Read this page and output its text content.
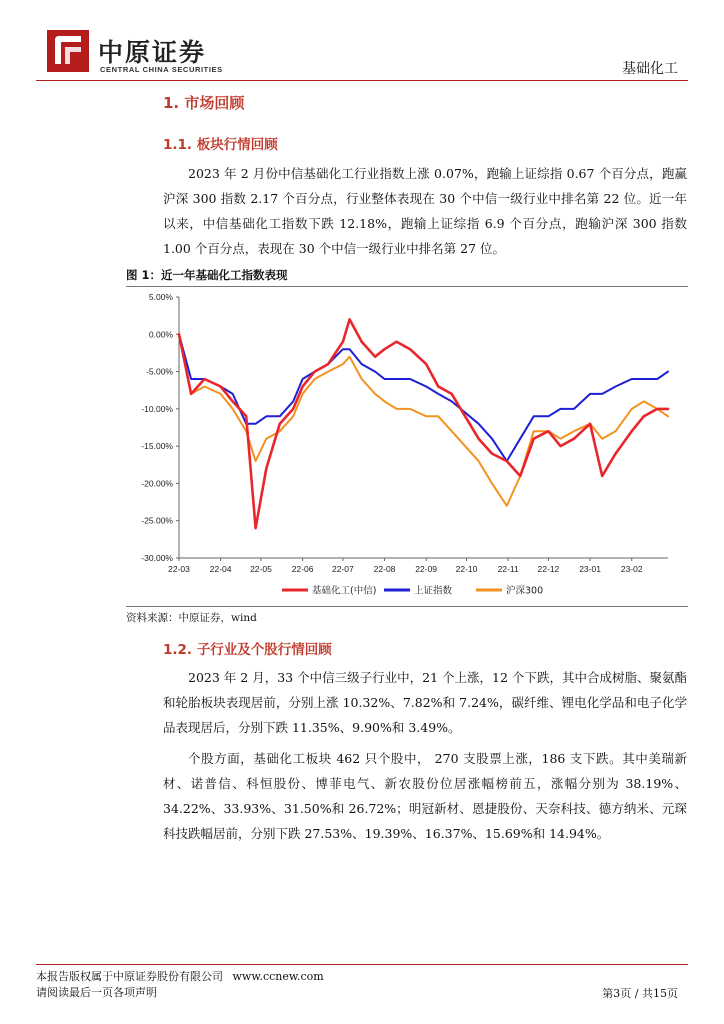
中原证券
CENTRAL CHINA SECURITIES	基础化工
1. 市场回顾
1.1. 板块行情回顾

2023 年 2 月份中信基础化工行业指数上涨 0.07%，跑输上证综指 0.67 个百分点，跑赢沪深 300 指数 2.17 个百分点，行业整体表现在 30 个中信一级行业中排名第 22 位。近一年以来，中信基础化工指数下跌 12.18%，跑输上证综指 6.9 个百分点，跑输沪深 300 指数 1.00 个百分点，表现在 30 个中信一级行业中排名第 27 位。

图 1：近一年基础化工指数表现
5.00%
0.00%
-5.00%
-10.00%
-15.00%
-20.00%
-25.00%
-30.00%
22-03 22-04 22-05 22-06 22-07 22-08 22-09 22-10 22-11 22-12 23-01 23-02
基础化工(中信)	上证指数	沪深300
资料来源：中原证券，wind
1.2. 子行业及个股行情回顾

2023 年 2 月，33 个中信三级子行业中，21 个上涨，12 个下跌，其中合成树脂、聚氨酯和轮胎板块表现居前，分别上涨 10.32%、7.82%和 7.24%，碳纤维、锂电化学品和电子化学品表现居后，分别下跌 11.35%、9.90%和 3.49%。

个股方面，基础化工板块 462 只个股中， 270 支股票上涨，186 支下跌。其中美瑞新材、诺普信、科恒股份、博菲电气、新农股份位居涨幅榜前五，涨幅分别为 38.19%、34.22%、33.93%、31.50%和 26.72%；明冠新材、恩捷股份、天奈科技、德方纳米、元琛科技跌幅居前，分别下跌 27.53%、19.39%、16.37%、15.69%和 14.94%。

本报告版权属于中原证券股份有限公司 www.ccnew.com
请阅读最后一页各项声明	第3页 / 共15页
